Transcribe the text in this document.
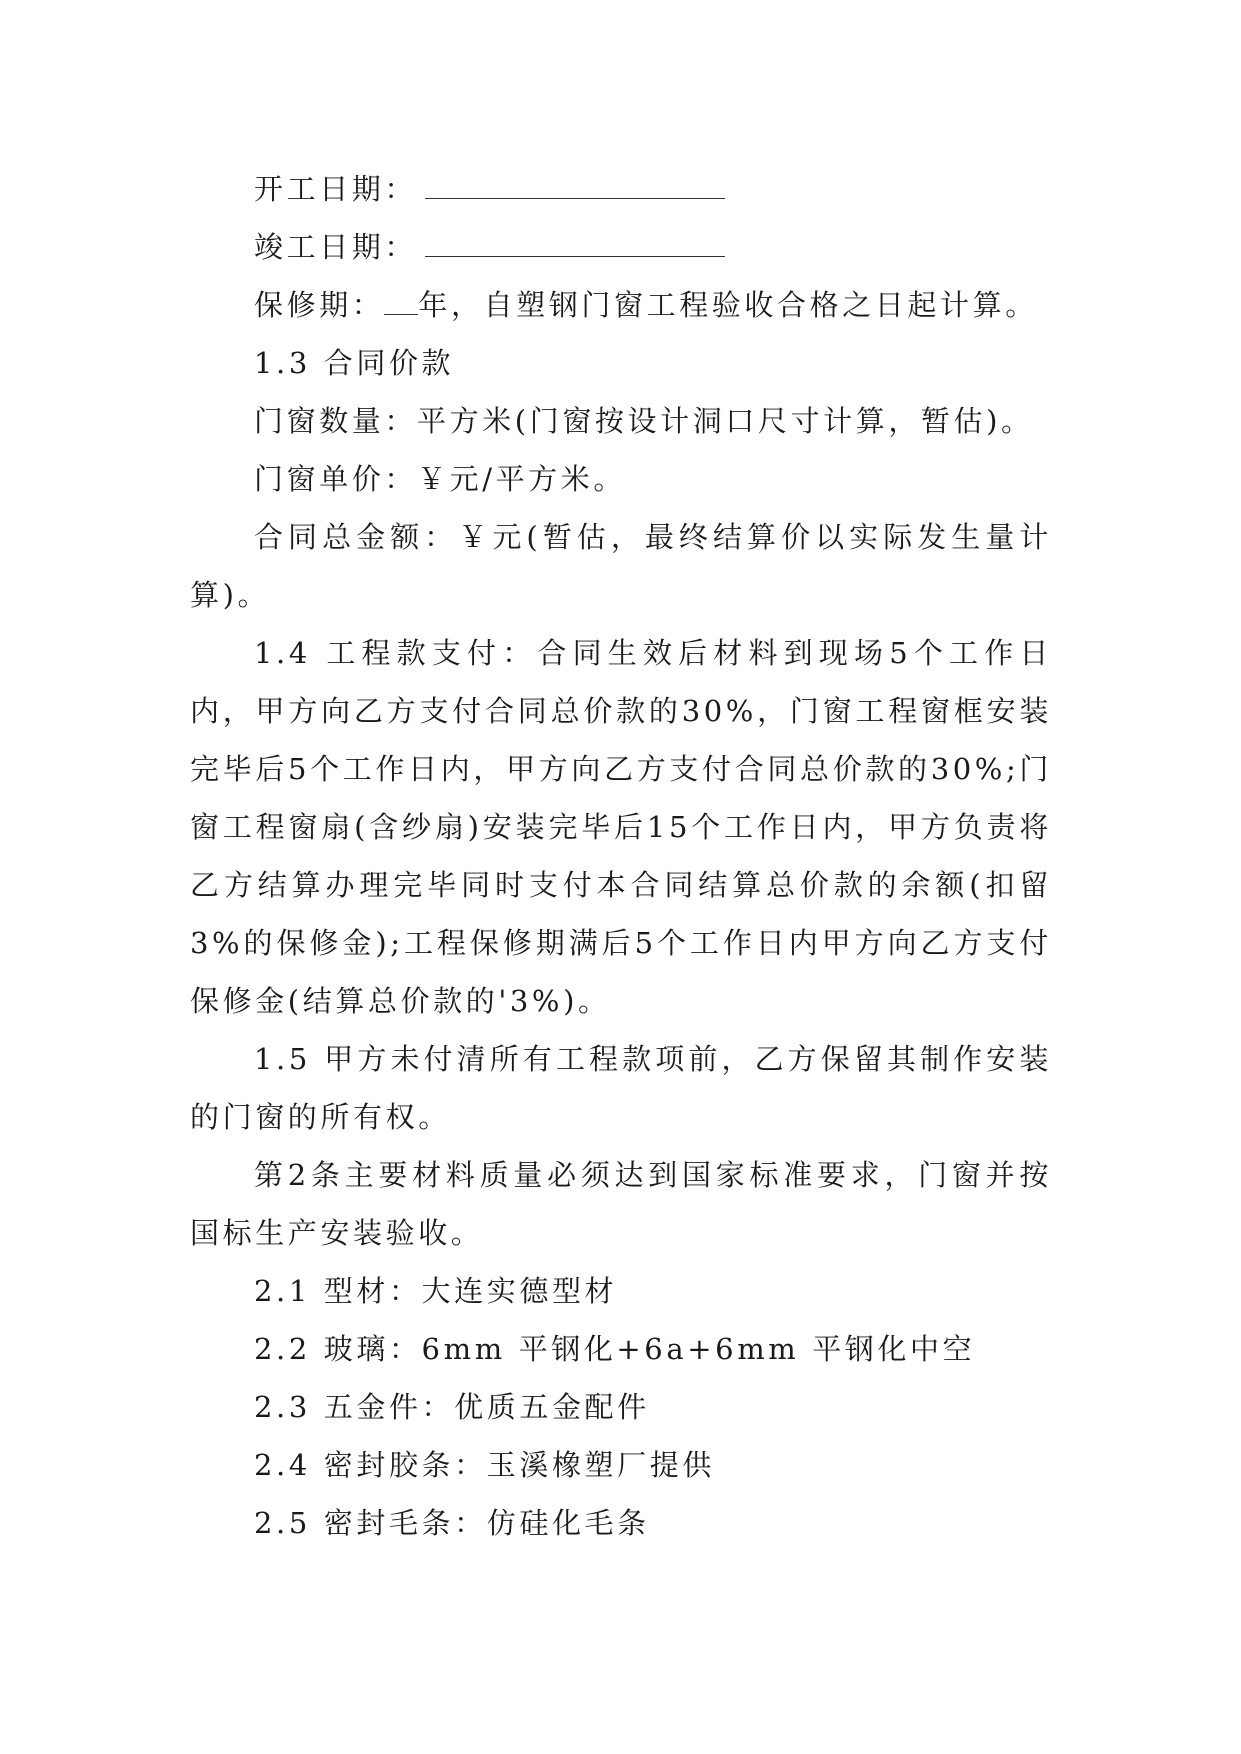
开工日期：
竣工日期：
保修期： 年，自塑钢门窗工程验收合格之日起计算。
1.3 合同价款
门窗数量：平方米(门窗按设计洞口尺寸计算，暂估)。
门窗单价：￥元/平方米。

合同总金额：￥元(暂估，最终结算价以实际发生量计算)。

1.4 工程款支付：合同生效后材料到现场5个工作日内，甲方向乙方支付合同总价款的30%，门窗工程窗框安装完毕后5个工作日内，甲方向乙方支付合同总价款的30%;门窗工程窗扇(含纱扇)安装完毕后15个工作日内，甲方负责将乙方结算办理完毕同时支付本合同结算总价款的余额(扣留3%的保修金);工程保修期满后5个工作日内甲方向乙方支付保修金(结算总价款的'3%)。

1.5 甲方未付清所有工程款项前，乙方保留其制作安装的门窗的所有权。

第2条主要材料质量必须达到国家标准要求，门窗并按国标生产安装验收。

2.1 型材：大连实德型材
2.2 玻璃：6mm 平钢化+6a+6mm 平钢化中空
2.3 五金件：优质五金配件
2.4 密封胶条：玉溪橡塑厂提供
2.5 密封毛条：仿硅化毛条
